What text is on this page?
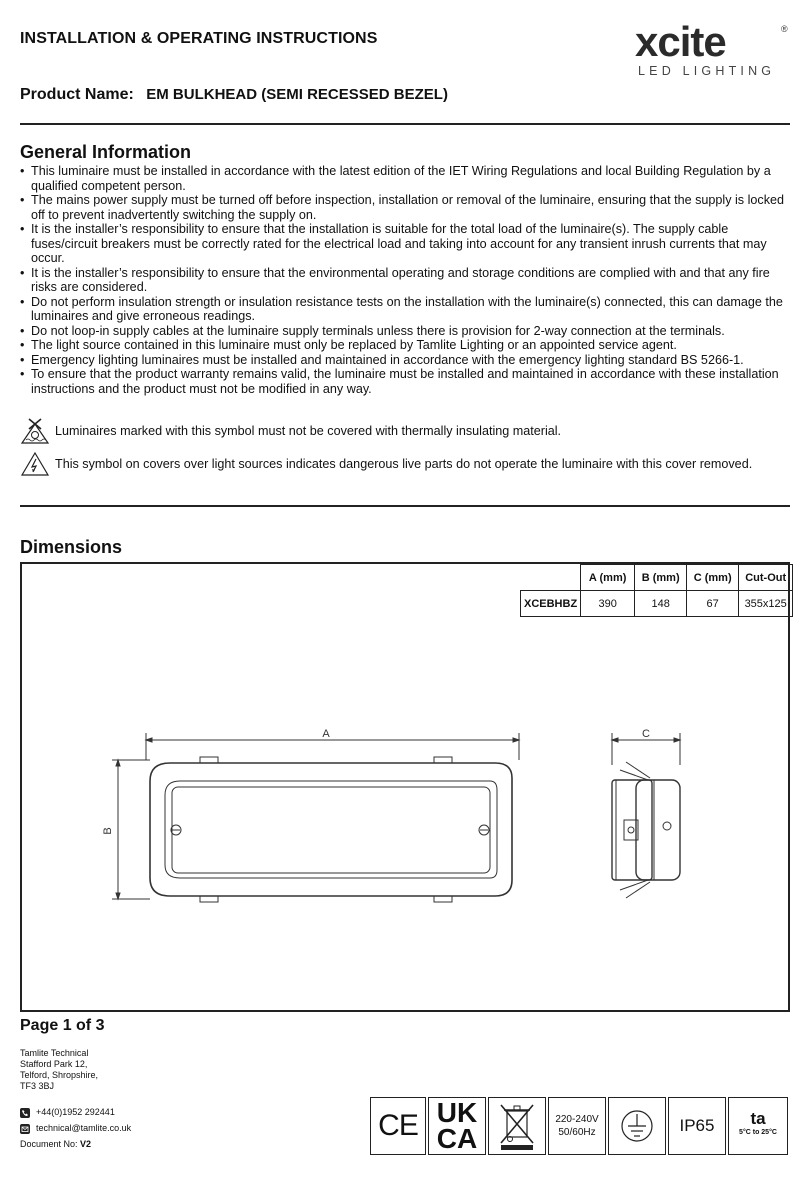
INSTALLATION & OPERATING INSTRUCTIONS	xcite	®
LED LIGHTING
Product Name: EM BULKHEAD (SEMI RECESSED BEZEL)
General Information
• This luminaire must be installed in accordance with the latest edition of the IET Wiring Regulations and local Building Regulation by a qualified competent person.
• The mains power supply must be turned off before inspection, installation or removal of the luminaire, ensuring that the supply is locked off to prevent inadvertently switching the supply on.
• It is the installer’s responsibility to ensure that the installation is suitable for the total load of the luminaire(s). The supply cable fuses/circuit breakers must be correctly rated for the electrical load and taking into account for any transient inrush currents that may occur.
• It is the installer’s responsibility to ensure that the environmental operating and storage conditions are complied with and that any fire risks are considered.
• Do not perform insulation strength or insulation resistance tests on the installation with the luminaire(s) connected, this can damage the luminaires and give erroneous readings.
• Do not loop-in supply cables at the luminaire supply terminals unless there is provision for 2-way connection at the terminals.
• The light source contained in this luminaire must only be replaced by Tamlite Lighting or an appointed service agent.
• Emergency lighting luminaires must be installed and maintained in accordance with the emergency lighting standard BS 5266-1.
• To ensure that the product warranty remains valid, the luminaire must be installed and maintained in accordance with these installation instructions and the product must not be modified in any way.
Luminaires marked with this symbol must not be covered with thermally insulating material.
This symbol on covers over light sources indicates dangerous live parts do not operate the luminaire with this cover removed.
Dimensions
	A (mm)	B (mm)	C (mm)	Cut-Out
XCEBHBZ	390	148	67	355x125
A
B
C
Page 1 of 3
Tamlite Technical
Stafford Park 12,
Telford, Shropshire,
TF3 3BJ
+44(0)1952 292441
technical@tamlite.co.uk
Document No:
V2
CE UK
CA
220-240V
50/60Hz	IP65	ta
5°C to 25°C
